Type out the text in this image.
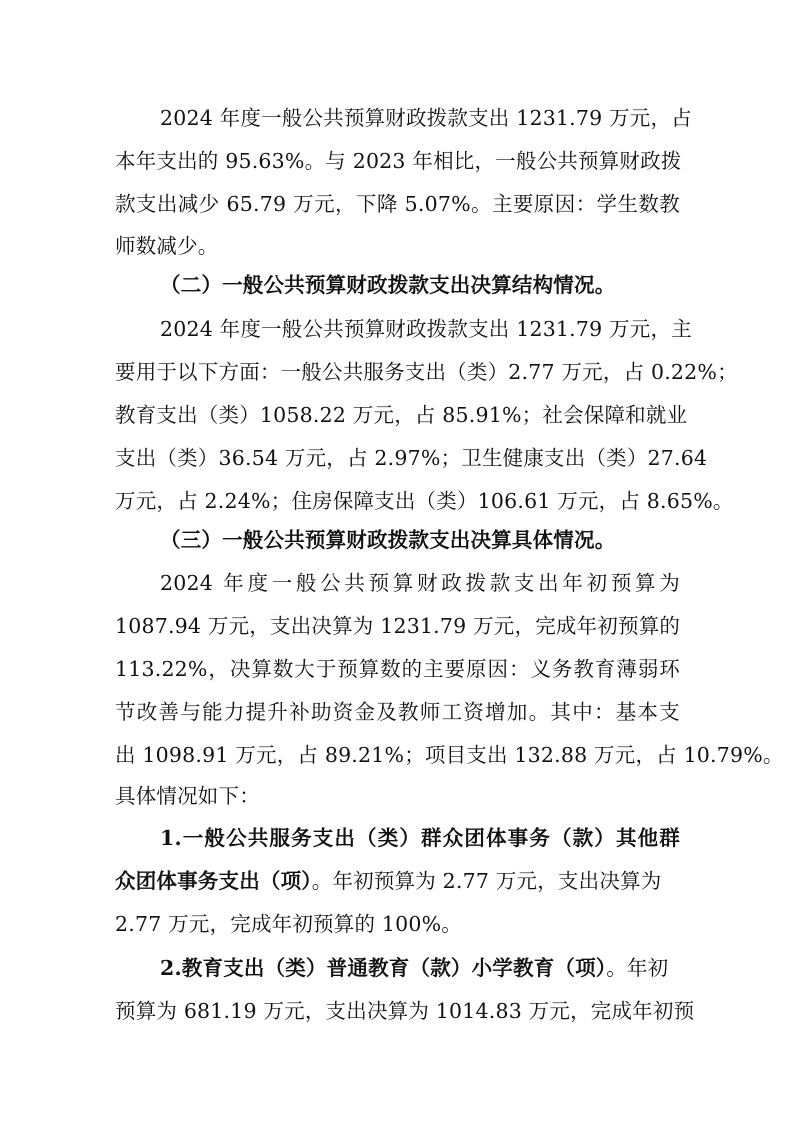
2024 年度一般公共预算财政拨款支出 1231.79 万元，占
本年支出的 95.63%。与 2023 年相比，一般公共预算财政拨
款支出减少 65.79 万元，下降 5.07%。主要原因：学生数教
师数减少。
（二）一般公共预算财政拨款支出决算结构情况。
2024 年度一般公共预算财政拨款支出 1231.79 万元，主
要用于以下方面：一般公共服务支出（类）2.77 万元，占 0.22%；
教育支出（类）1058.22 万元，占 85.91%；社会保障和就业
支出（类）36.54 万元，占 2.97%；卫生健康支出（类）27.64
万元，占 2.24%；住房保障支出（类）106.61 万元，占 8.65%。
（三）一般公共预算财政拨款支出决算具体情况。
2024 年度一般公共预算财政拨款支出年初预算为
1087.94 万元，支出决算为 1231.79 万元，完成年初预算的
113.22%，决算数大于预算数的主要原因：义务教育薄弱环
节改善与能力提升补助资金及教师工资增加。其中：基本支
出 1098.91 万元，占 89.21%；项目支出 132.88 万元，占 10.79%。
具体情况如下：
1.一般公共服务支出（类）群众团体事务（款）其他群
众团体事务支出（项）。年初预算为 2.77 万元，支出决算为
2.77 万元，完成年初预算的 100%。
2.教育支出（类）普通教育（款）小学教育（项）。年初
预算为 681.19 万元，支出决算为 1014.83 万元，完成年初预
